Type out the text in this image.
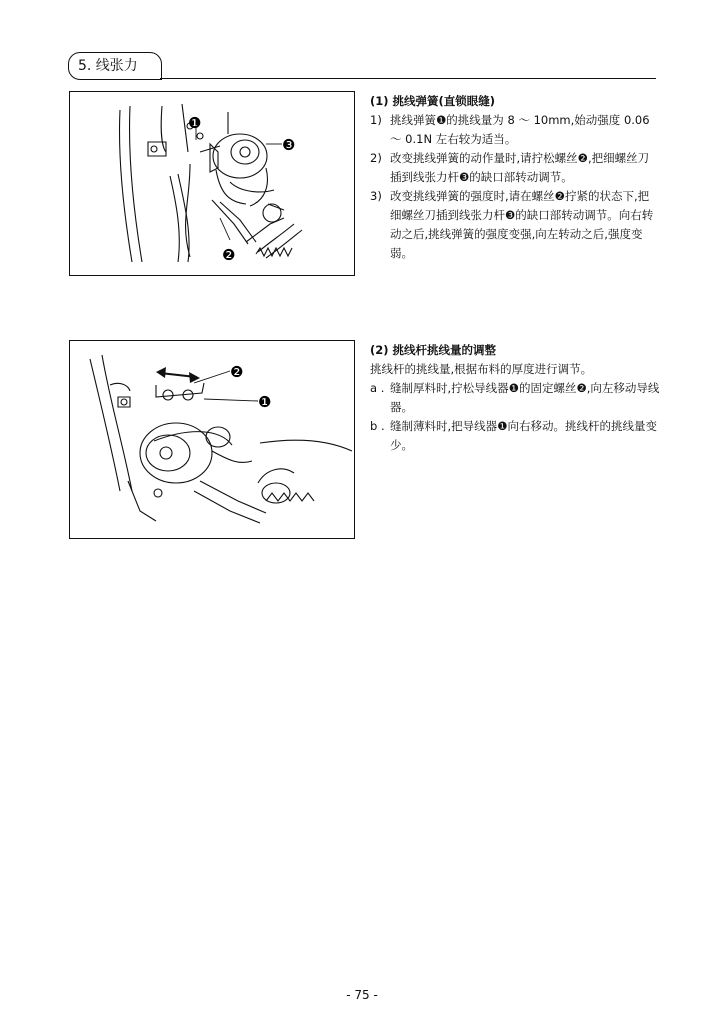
5. 线张力
❶
❸
❷
(1) 挑线弹簧(直锁眼缝)
1) 挑线弹簧❶的挑线量为 8 ～ 10mm,始动强度 0.06 ～ 0.1N 左右较为适当。
2) 改变挑线弹簧的动作量时,请拧松螺丝❷,把细螺丝刀插到线张力杆❸的缺口部转动调节。
3) 改变挑线弹簧的强度时,请在螺丝❷拧紧的状态下,把细螺丝刀插到线张力杆❸的缺口部转动调节。向右转动之后,挑线弹簧的强度变强,向左转动之后,强度变弱。
❷
❶
(2) 挑线杆挑线量的调整
挑线杆的挑线量,根据布料的厚度进行调节。
a . 缝制厚料时,拧松导线器❶的固定螺丝❷,向左移动导线器。
b . 缝制薄料时,把导线器❶向右移动。挑线杆的挑线量变少。
- 75 -
